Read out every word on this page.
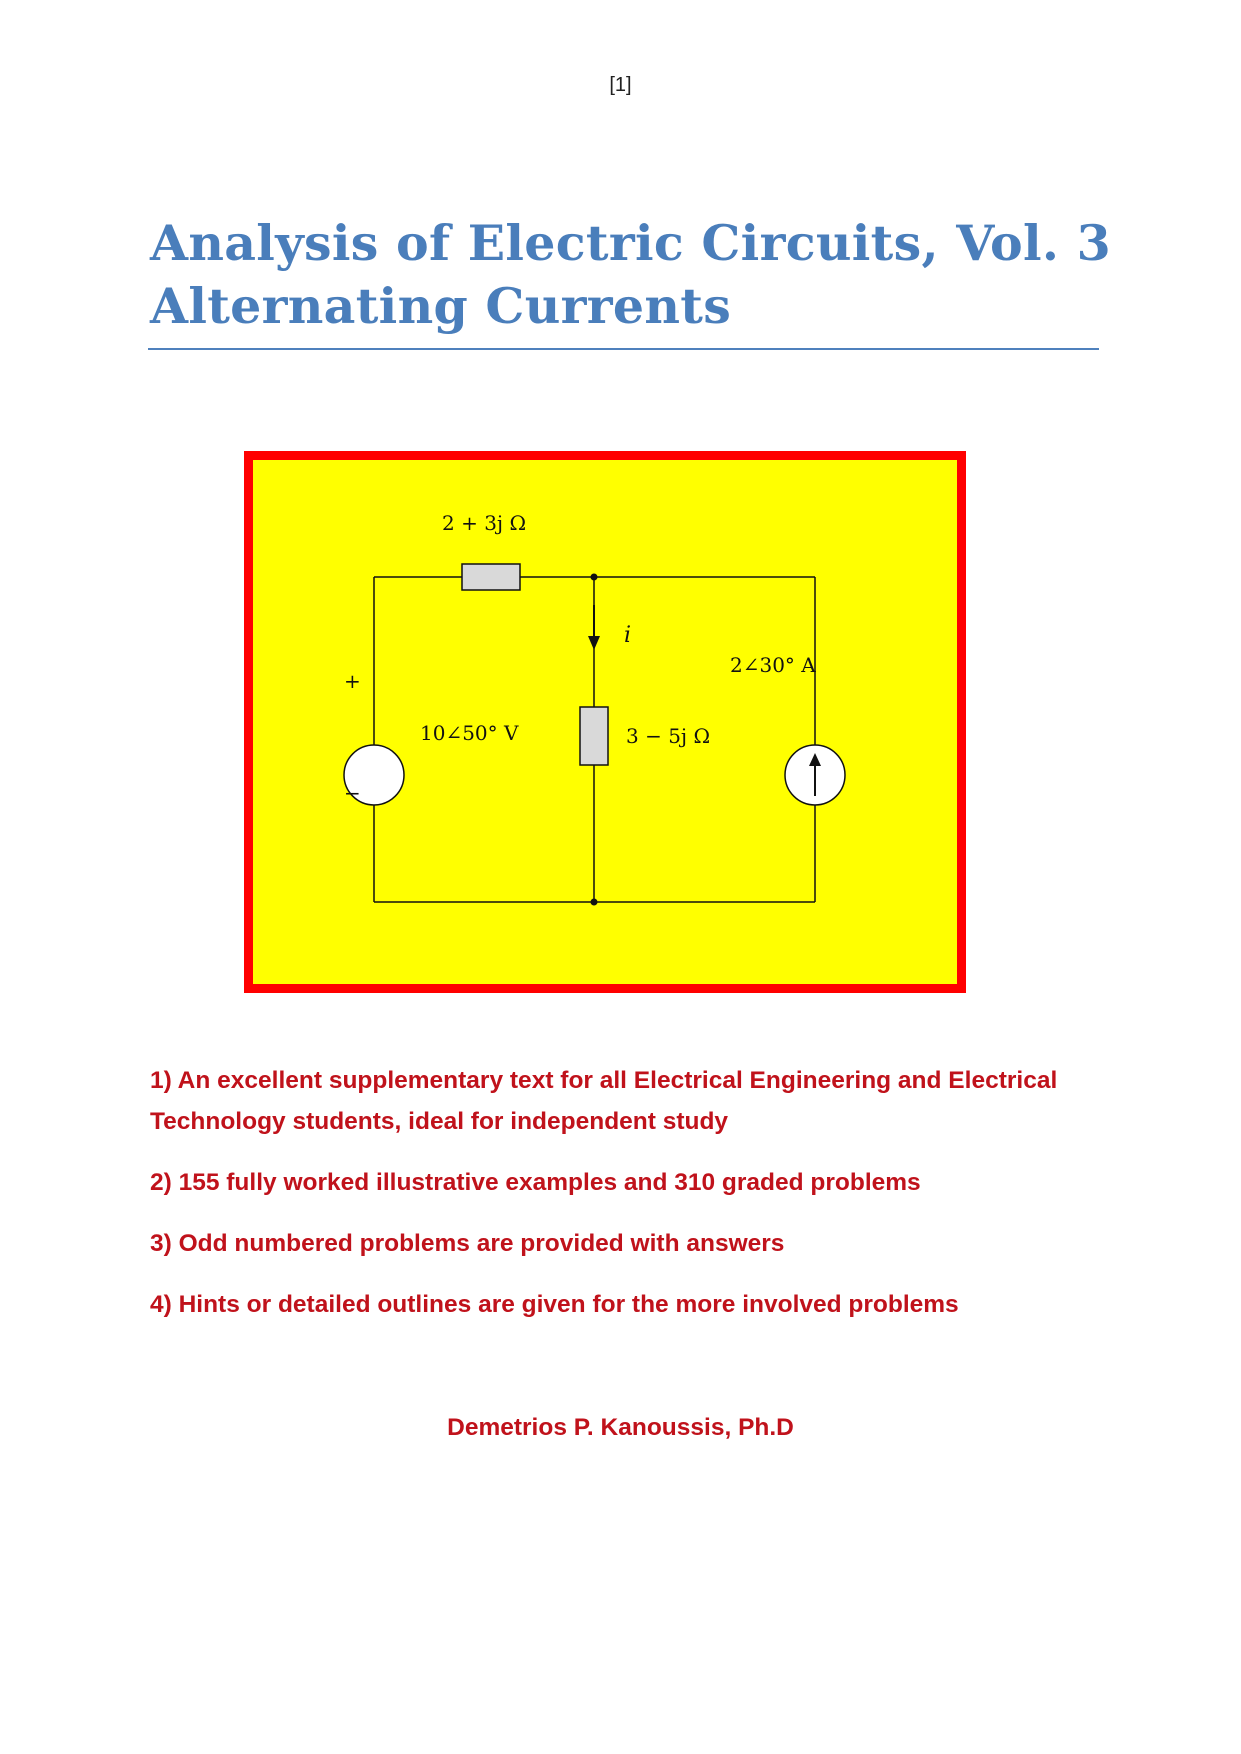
[1]
Analysis of Electric Circuits, Vol. 3
Alternating Currents
2 + 3j Ω
3 − 5j Ω
10∠50° V
2∠30° A
i
+
−

1) An excellent supplementary text for all Electrical Engineering and Electrical Technology students, ideal for independent study

2) 155 fully worked illustrative examples and 310 graded problems

3) Odd numbered problems are provided with answers

4) Hints or detailed outlines are given for the more involved problems

Demetrios P. Kanoussis, Ph.D
